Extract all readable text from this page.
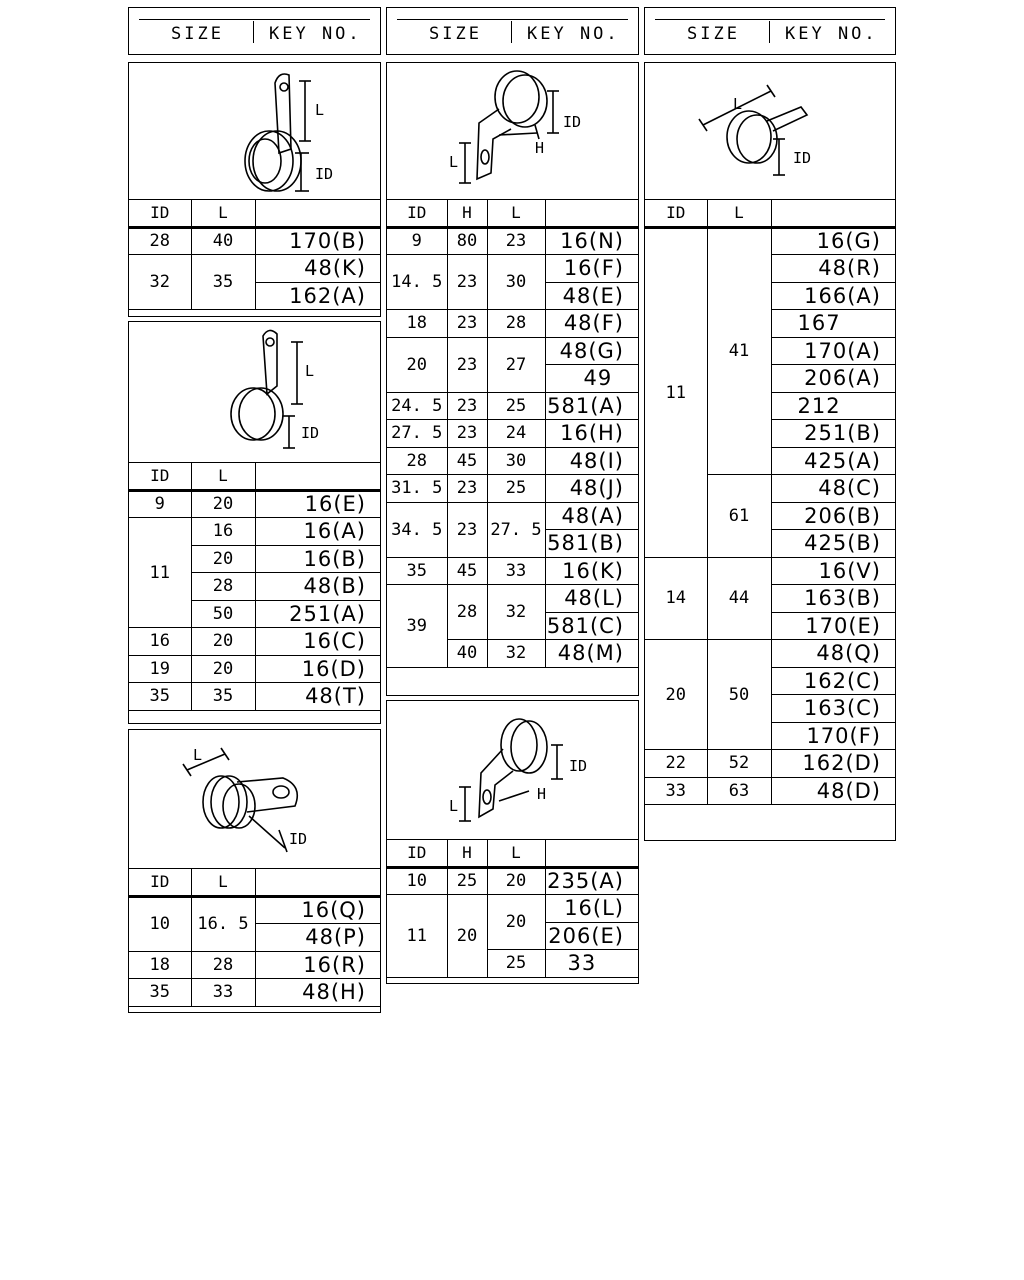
SIZE	KEY NO.	SIZE	KEY NO.	SIZE	KEY NO.
L
ID
ID	L	
28	40	170(B)
32	35	48(K)
		162(A)
L
ID
ID	L	
9	20	16(E)
11	16	16(A)
	20	16(B)
	28	48(B)
	50	251(A)
16	20	16(C)
19	20	16(D)
35	35	48(T)
L
ID
ID	L	
10	16. 5	16(Q)
		48(P)
18	28	16(R)
35	33	48(H)
ID
H
L
ID	H	L	
9	80	23	16(N)
14. 5	23	30	16(F)
			48(E)
18	23	28	48(F)
20	23	27	48(G)
			49
24. 5	23	25	581(A)
27. 5	23	24	16(H)
28	45	30	48(I)
31. 5	23	25	48(J)
34. 5	23	27. 5	48(A)
			581(B)
35	45	33	16(K)
39	28	32	48(L)
			581(C)
	40	32	48(M)
ID
H
L
ID	H	L	
10	25	20	235(A)
11	20	20	16(L)
			206(E)
		25	33
L
ID
ID	L	
11	41	16(G)
		48(R)
		166(A)
		167
		170(A)
		206(A)
		212
		251(B)
		425(A)
	61	48(C)
		206(B)
		425(B)
14	44	16(V)
		163(B)
		170(E)
20	50	48(Q)
		162(C)
		163(C)
		170(F)
22	52	162(D)
33	63	48(D)
